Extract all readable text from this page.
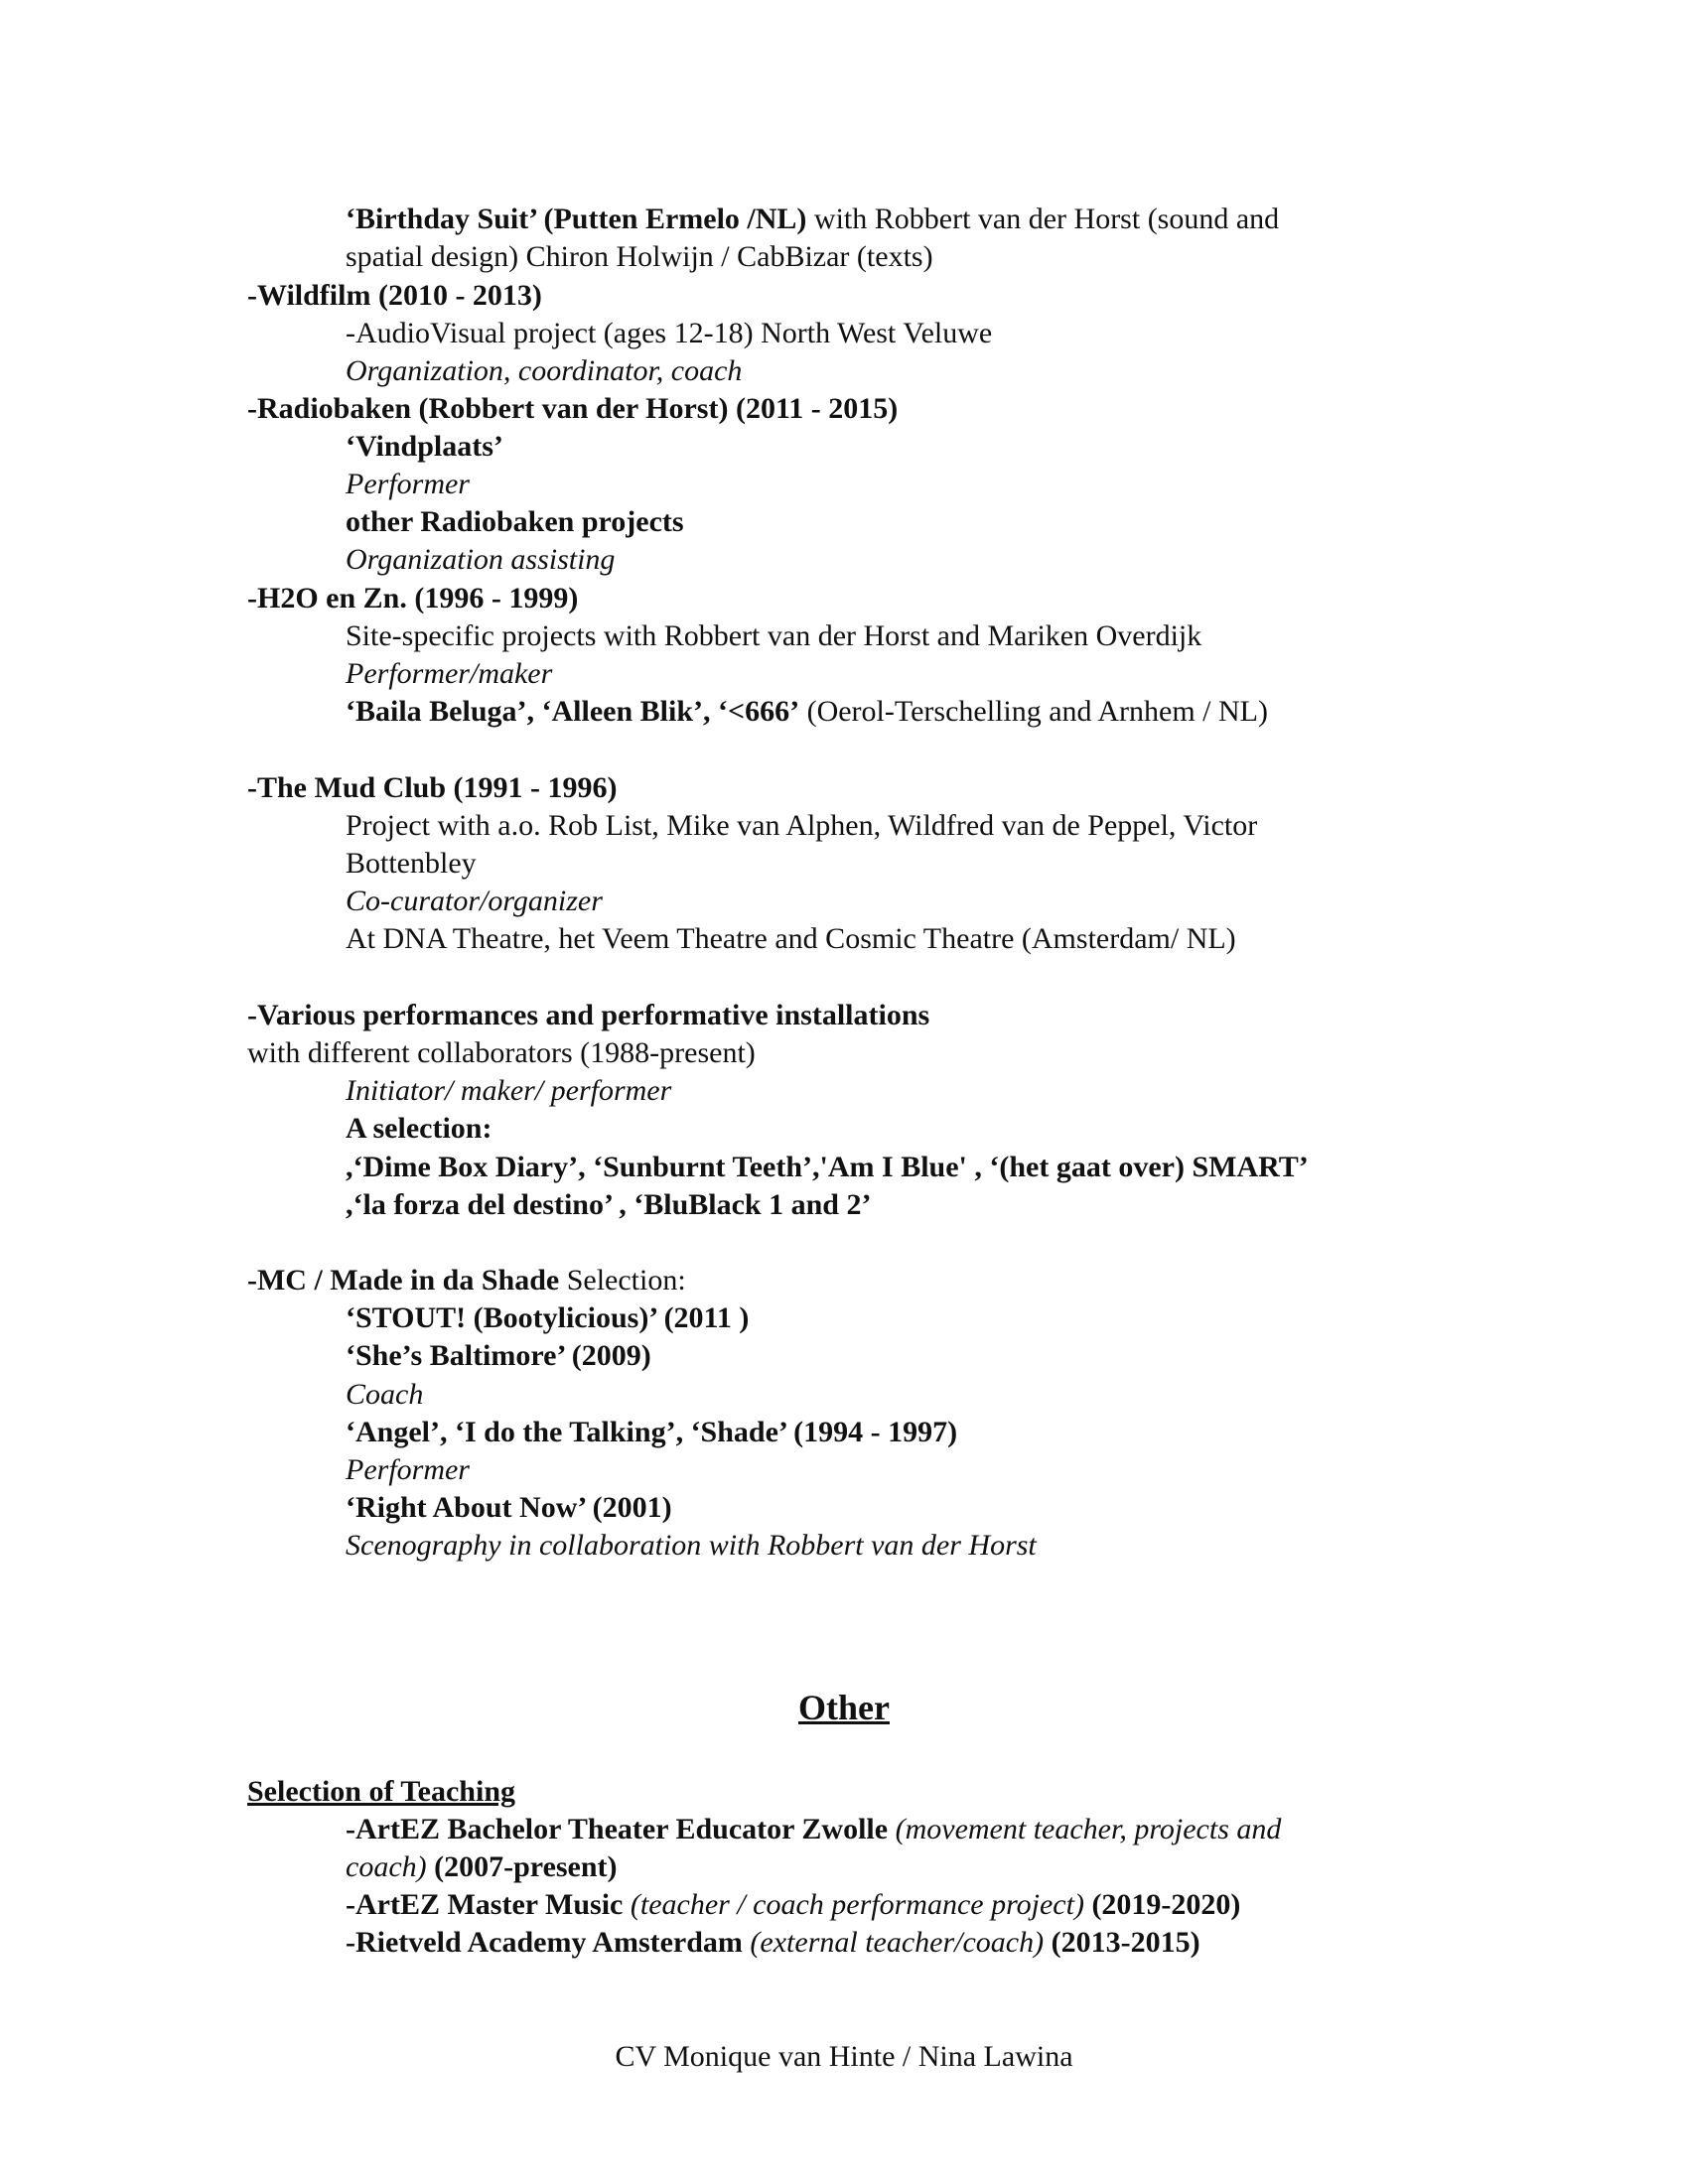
‘Birthday Suit’ (Putten Ermelo /NL) with Robbert van der Horst (sound and
spatial design) Chiron Holwijn / CabBizar (texts)
-Wildfilm (2010 - 2013)
-AudioVisual project (ages 12-18) North West Veluwe
Organization, coordinator, coach
-Radiobaken (Robbert van der Horst) (2011 - 2015)
‘Vindplaats’
Performer
other Radiobaken projects
Organization assisting
-H2O en Zn. (1996 - 1999)
Site-specific projects with Robbert van der Horst and Mariken Overdijk
Performer/maker
‘Baila Beluga’, ‘Alleen Blik’, ‘<666’ (Oerol-Terschelling and Arnhem / NL)
-The Mud Club (1991 - 1996)
Project with a.o. Rob List, Mike van Alphen, Wildfred van de Peppel, Victor
Bottenbley
Co-curator/organizer
At DNA Theatre, het Veem Theatre and Cosmic Theatre (Amsterdam/ NL)
-Various performances and performative installations
with different collaborators (1988-present)
Initiator/ maker/ performer
A selection:
,‘Dime Box Diary’, ‘Sunburnt Teeth’,'Am I Blue' , ‘(het gaat over) SMART’
,‘la forza del destino’ , ‘BluBlack 1 and 2’
-MC / Made in da Shade Selection:
‘STOUT! (Bootylicious)’ (2011 )
‘She’s Baltimore’ (2009)
Coach
‘Angel’, ‘I do the Talking’, ‘Shade’ (1994 - 1997)
Performer
‘Right About Now’ (2001)
Scenography in collaboration with Robbert van der Horst
Other
Selection of Teaching
-ArtEZ Bachelor Theater Educator Zwolle (movement teacher, projects and
coach) (2007-present)
-ArtEZ Master Music (teacher / coach performance project) (2019-2020)
-Rietveld Academy Amsterdam (external teacher/coach) (2013-2015)
CV Monique van Hinte / Nina Lawina
